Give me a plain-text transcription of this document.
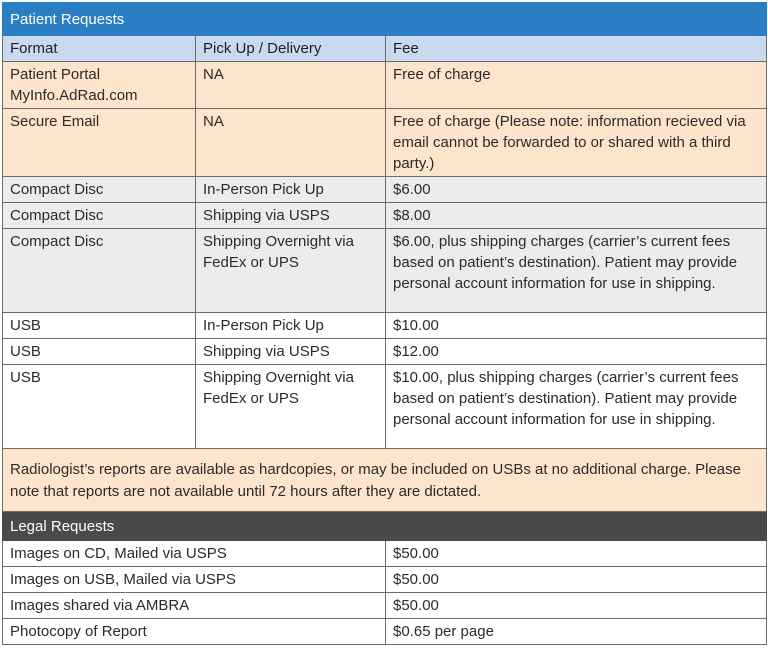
Patient Requests		
Format	Pick Up / Delivery	Fee
Patient Portal MyInfo.AdRad.com	NA	Free of charge
Secure Email	NA	Free of charge (Please note: information recieved via email cannot be forwarded to or shared with a third party.)
Compact Disc	In-Person Pick Up	$6.00
Compact Disc	Shipping via USPS	$8.00
Compact Disc	Shipping Overnight via FedEx or UPS	$6.00, plus shipping charges (carrier’s current fees based on patient’s destination). Patient may provide personal account information for use in shipping.
USB	In-Person Pick Up	$10.00
USB	Shipping via USPS	$12.00
USB	Shipping Overnight via FedEx or UPS	$10.00, plus shipping charges (carrier’s current fees based on patient’s destination). Patient may provide personal account information for use in shipping.
Radiologist’s reports are available as hardcopies, or may be included on USBs at no additional charge. Please note that reports are not available until 72 hours after they are dictated.		
Legal Requests		
Images on CD, Mailed via USPS		$50.00
Images on USB, Mailed via USPS		$50.00
Images shared via AMBRA		$50.00
Photocopy of Report		$0.65 per page
